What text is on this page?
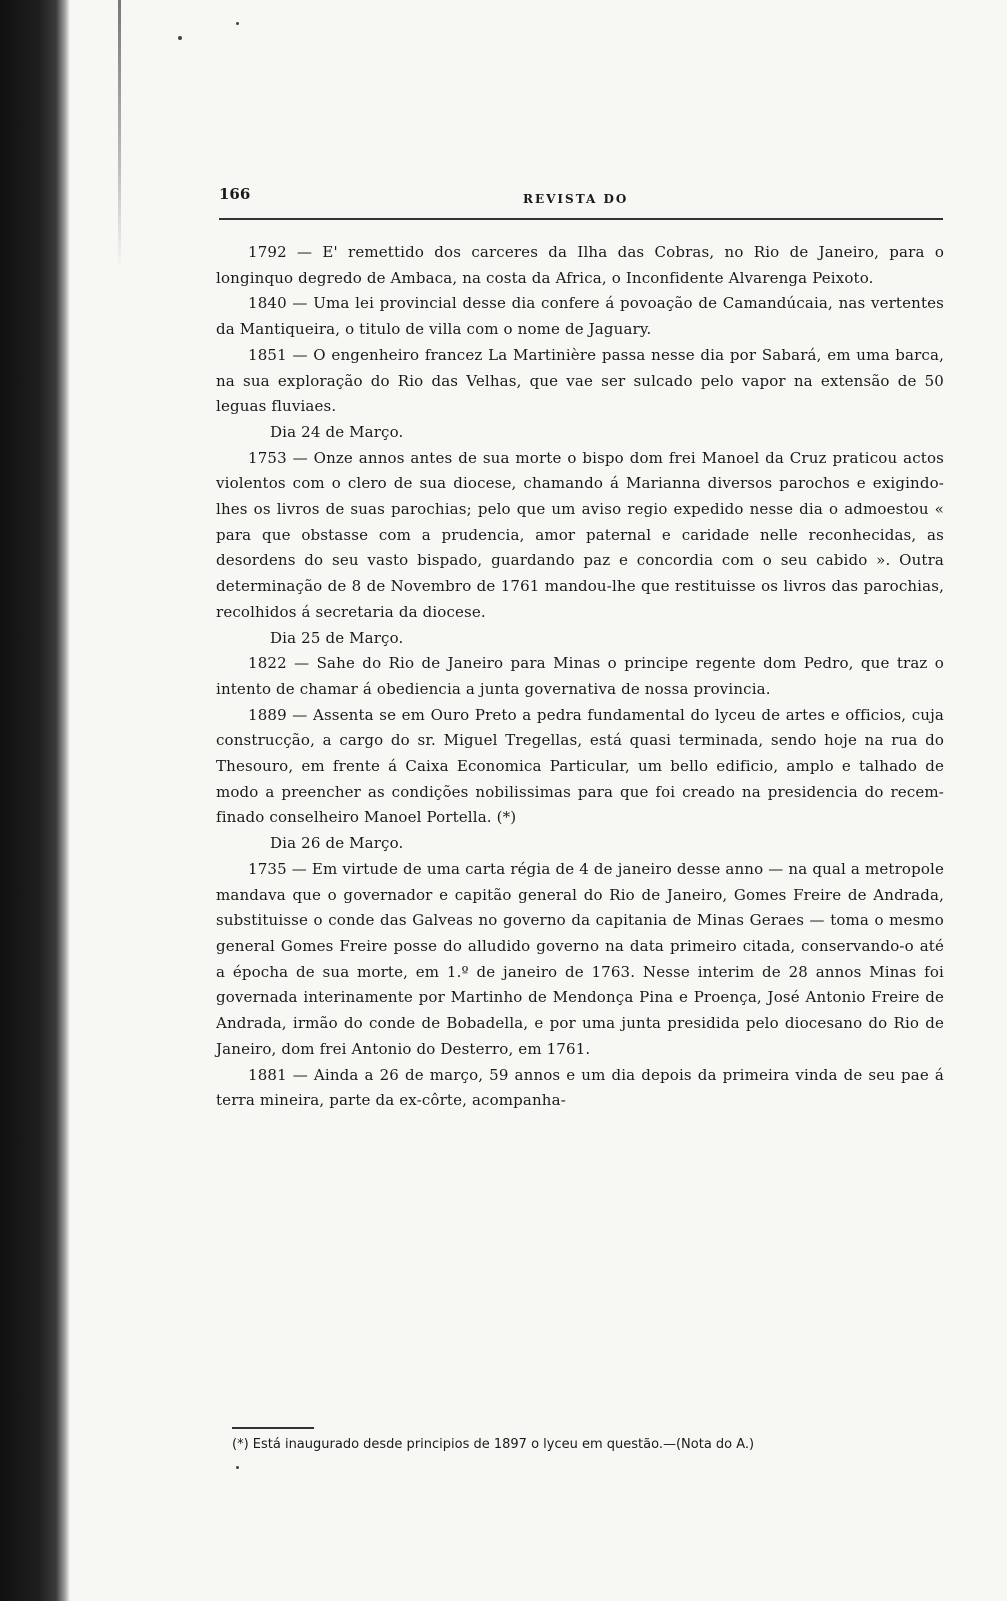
166	REVISTA DO

1792 — E' remettido dos carceres da Ilha das Cobras, no Rio de Janeiro, para o longinquo degredo de Ambaca, na costa da Africa, o Inconfidente Alvarenga Peixoto.

1840 — Uma lei provincial desse dia confere á povoação de Camandúcaia, nas vertentes da Mantiqueira, o titulo de villa com o nome de Jaguary.

1851 — O engenheiro francez La Martinière passa nesse dia por Sabará, em uma barca, na sua exploração do Rio das Velhas, que vae ser sulcado pelo vapor na extensão de 50 leguas fluviaes.

Dia 24 de Março.

1753 — Onze annos antes de sua morte o bispo dom frei Manoel da Cruz praticou actos violentos com o clero de sua diocese, chamando á Marianna diversos parochos e exigindo-lhes os livros de suas parochias; pelo que um aviso regio expedido nesse dia o admoestou « para que obstasse com a prudencia, amor paternal e caridade nelle reconhecidas, as desordens do seu vasto bispado, guardando paz e concordia com o seu cabido ». Outra determinação de 8 de Novembro de 1761 mandou-lhe que restituisse os livros das parochias, recolhidos á secretaria da diocese.

Dia 25 de Março.

1822 — Sahe do Rio de Janeiro para Minas o principe regente dom Pedro, que traz o intento de chamar á obediencia a junta governativa de nossa provincia.

1889 — Assenta se em Ouro Preto a pedra fundamental do lyceu de artes e officios, cuja construcção, a cargo do sr. Miguel Tregellas, está quasi terminada, sendo hoje na rua do Thesouro, em frente á Caixa Economica Particular, um bello edificio, amplo e talhado de modo a preencher as condições nobilissimas para que foi creado na presidencia do recem-finado conselheiro Manoel Portella. (*)

Dia 26 de Março.

1735 — Em virtude de uma carta régia de 4 de janeiro desse anno — na qual a metropole mandava que o governador e capitão general do Rio de Janeiro, Gomes Freire de Andrada, substituisse o conde das Galveas no governo da capitania de Minas Geraes — toma o mesmo general Gomes Freire posse do alludido governo na data primeiro citada, conservando-o até a épocha de sua morte, em 1.º de janeiro de 1763. Nesse interim de 28 annos Minas foi governada interinamente por Martinho de Mendonça Pina e Proença, José Antonio Freire de Andrada, irmão do conde de Bobadella, e por uma junta presidida pelo diocesano do Rio de Janeiro, dom frei Antonio do Desterro, em 1761.

1881 — Ainda a 26 de março, 59 annos e um dia depois da primeira vinda de seu pae á terra mineira, parte da ex-côrte, acompanha-

(*) Está inaugurado desde principios de 1897 o lyceu em questão.—(Nota do A.)
